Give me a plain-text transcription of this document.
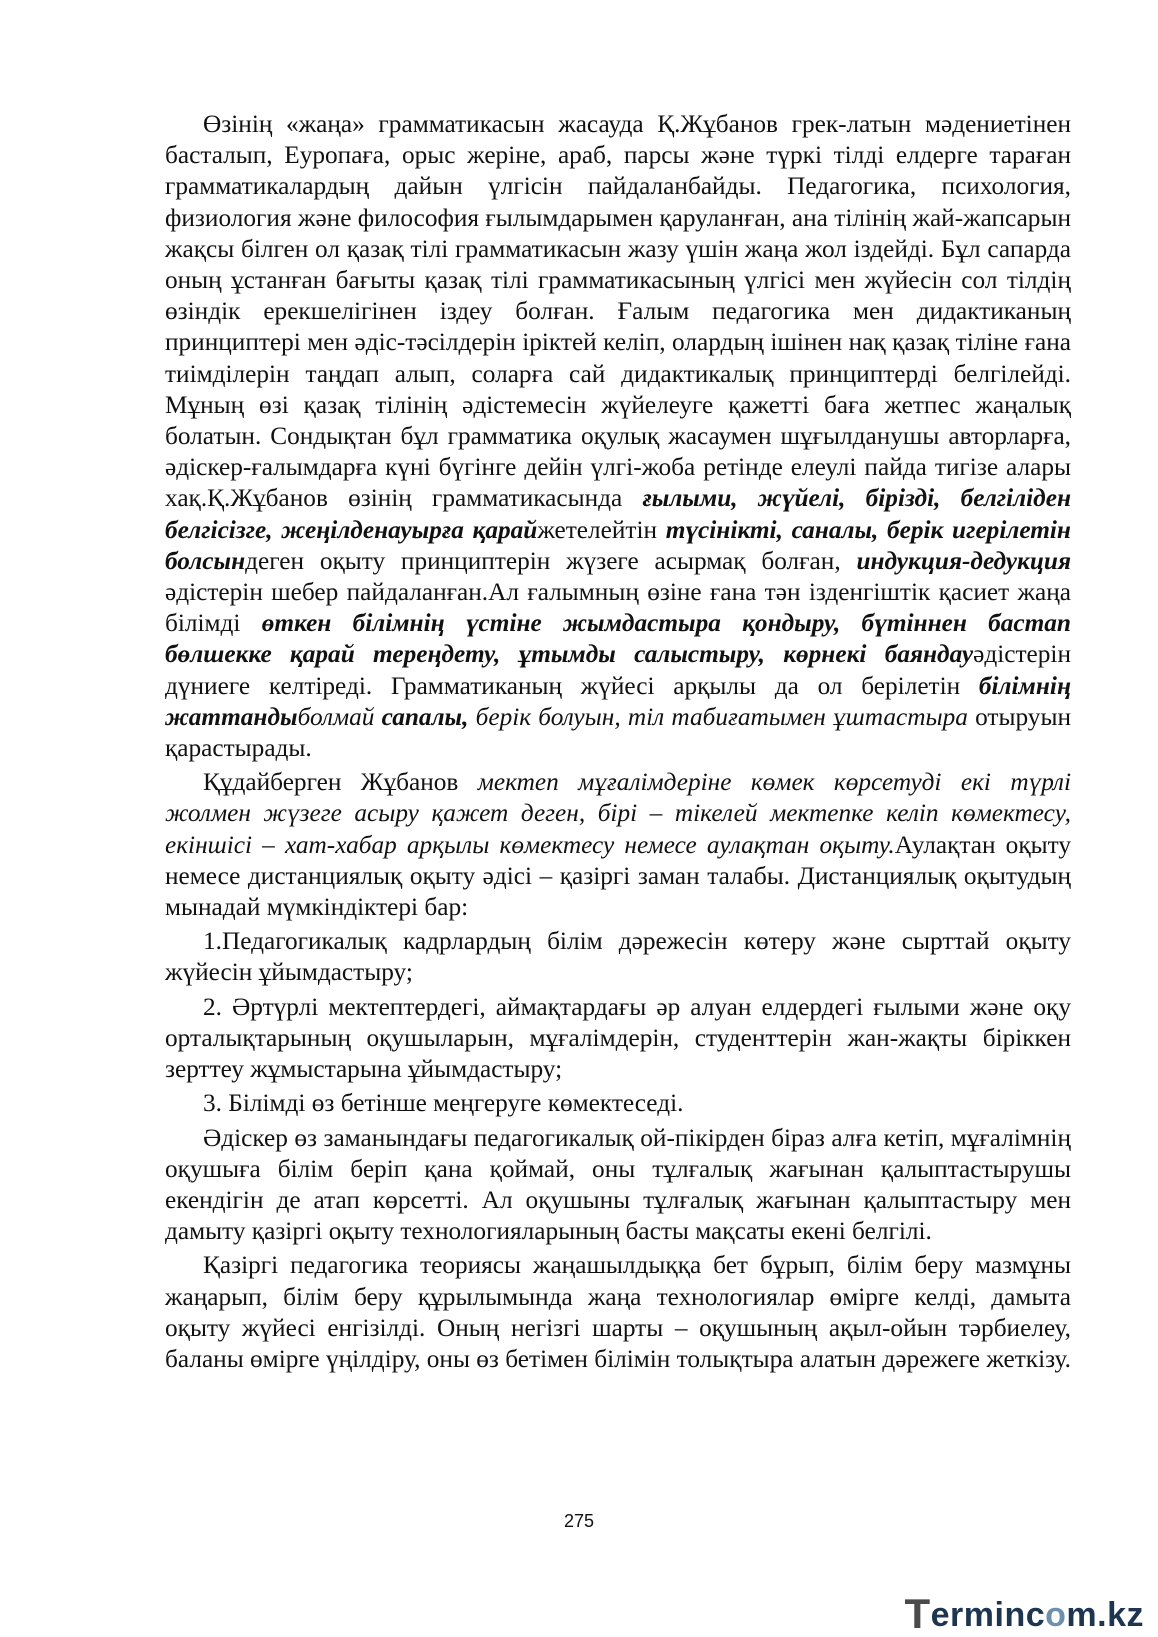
Өзінің «жаңа» грамматикасын жасауда Қ.Жұбанов грек-латын мәдениетінен басталып, Еуропаға, орыс жеріне, араб, парсы және түркі тілді елдерге тараған грамматикалардың дайын үлгісін пайдаланбайды. Педагогика, психология, физиология және философия ғылымдарымен қаруланған, ана тілінің жай-жапсарын жақсы білген ол қазақ тілі грамматикасын жазу үшін жаңа жол іздейді. Бұл сапарда оның ұстанған бағыты қазақ тілі грамматикасының үлгісі мен жүйесін сол тілдің өзіндік ерекшелігінен іздеу болған. Ғалым педагогика мен дидактиканың принциптері мен әдіс-тәсілдерін іріктей келіп, олардың ішінен нақ қазақ тіліне ғана тиімділерін таңдап алып, соларға сай дидактикалық принциптерді белгілейді. Мұның өзі қазақ тілінің әдістемесін жүйелеуге қажетті баға жетпес жаңалық болатын. Сондықтан бұл грамматика оқулық жасаумен шұғылданушы авторларға, әдіскер-ғалымдарға күні бүгінге дейін үлгі-жоба ретінде елеулі пайда тигізе алары хақ.Қ.Жұбанов өзінің грамматикасында ғылыми, жүйелі, бірізді, белгіліден белгісізге, жеңілденауырға қарайжетелейтін түсінікті, саналы, берік игерілетін болсындеген оқыту принциптерін жүзеге асырмақ болған, индукция-дедукция әдістерін шебер пайдаланған.Ал ғалымның өзіне ғана тән ізденгіштік қасиет жаңа білімді өткен білімнің үстіне жымдастыра қондыру, бүтіннен бастап бөлшекке қарай тереңдету, ұтымды салыстыру, көрнекі баяндауәдістерін дүниеге келтіреді. Грамматиканың жүйесі арқылы да ол берілетін білімнің жаттандыболмай сапалы, берік болуын, тіл табиғатымен ұштастыра отыруын қарастырады.

Құдайберген Жұбанов мектеп мұғалімдеріне көмек көрсетуді екі түрлі жолмен жүзеге асыру қажет деген, бірі – тікелей мектепке келіп көмектесу, екіншісі – хат-хабар арқылы көмектесу немесе аулақтан оқыту.Аулақтан оқыту немесе дистанциялық оқыту әдісі – қазіргі заман талабы. Дистанциялық оқытудың мынадай мүмкіндіктері бар:

1.Педагогикалық кадрлардың білім дәрежесін көтеру және сырттай оқыту жүйесін ұйымдастыру;

2. Әртүрлі мектептердегі, аймақтардағы әр алуан елдердегі ғылыми және оқу орталықтарының оқушыларын, мұғалімдерін, студенттерін жан-жақты біріккен зерттеу жұмыстарына ұйымдастыру;

3. Білімді өз бетінше меңгеруге көмектеседі.

Әдіскер өз заманындағы педагогикалық ой-пікірден біраз алға кетіп, мұғалімнің оқушыға білім беріп қана қоймай, оны тұлғалық жағынан қалыптастырушы екендігін де атап көрсетті. Ал оқушыны тұлғалық жағынан қалыптастыру мен дамыту қазіргі оқыту технологияларының басты мақсаты екені белгілі.

Қазіргі педагогика теориясы жаңашылдыққа бет бұрып, білім беру мазмұны жаңарып, білім беру құрылымында жаңа технологиялар өмірге келді, дамыта оқыту жүйесі енгізілді. Оның негізгі шарты – оқушының ақыл-ойын тәрбиелеу, баланы өмірге үңілдіру, оны өз бетімен білімін толықтыра алатын дәрежеге жеткізу.

275
Termincom.kz
